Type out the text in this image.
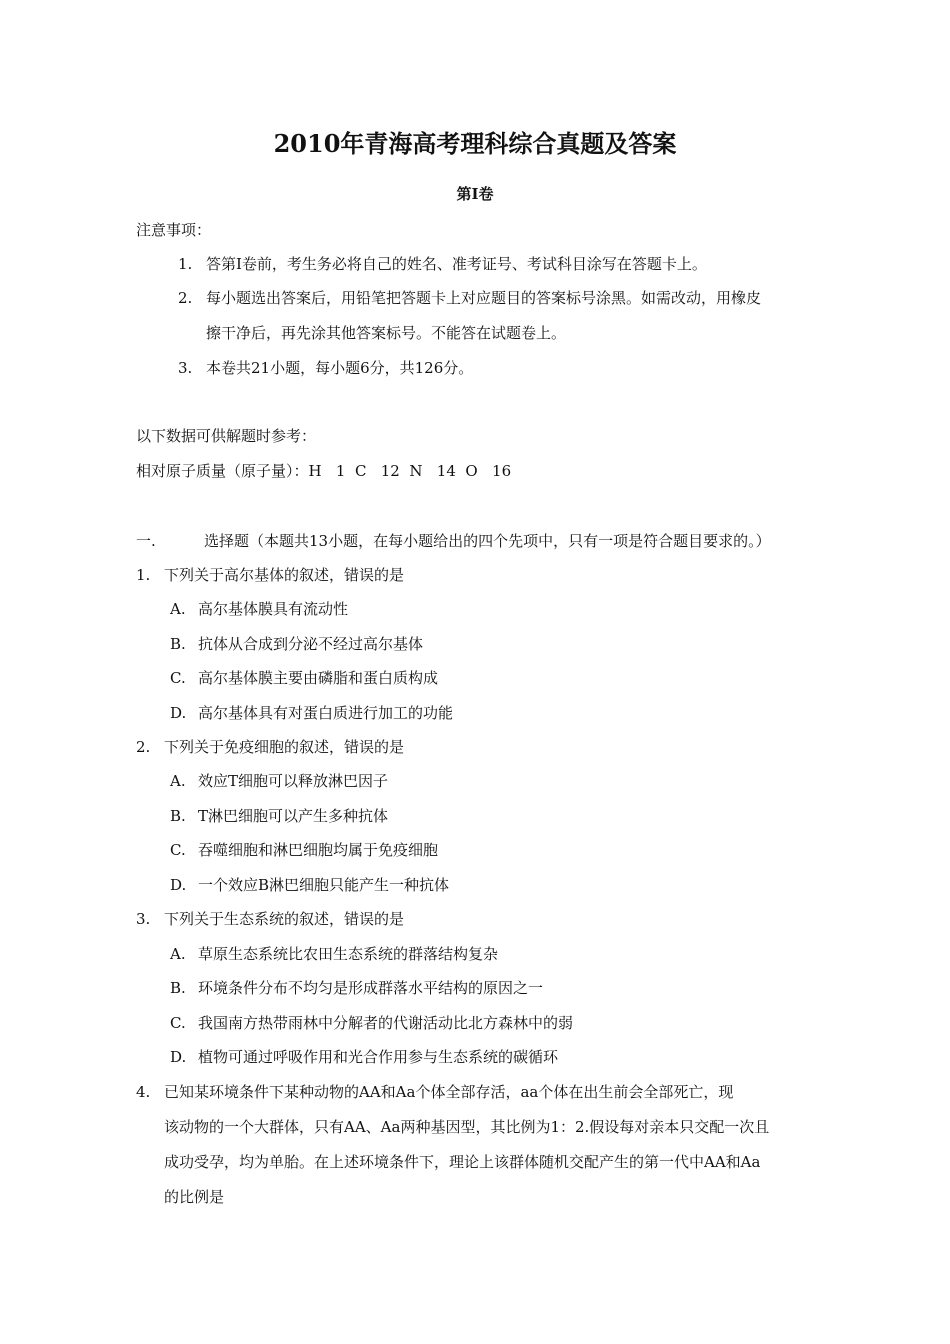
2010年青海高考理科综合真题及答案
第Ⅰ卷
注意事项：
1. 答第Ⅰ卷前，考生务必将自己的姓名、准考证号、考试科目涂写在答题卡上。
2. 每小题选出答案后，用铅笔把答题卡上对应题目的答案标号涂黑。如需改动，用橡皮
擦干净后，再先涂其他答案标号。不能答在试题卷上。
3. 本卷共21小题，每小题6分，共126分。
以下数据可供解题时参考：
相对原子质量（原子量）：H   1  C   12  N   14  O   16
一.	选择题（本题共13小题，在每小题给出的四个先项中，只有一项是符合题目要求的。）
1. 下列关于高尔基体的叙述，错误的是
A. 高尔基体膜具有流动性
B. 抗体从合成到分泌不经过高尔基体
C. 高尔基体膜主要由磷脂和蛋白质构成
D. 高尔基体具有对蛋白质进行加工的功能
2. 下列关于免疫细胞的叙述，错误的是
A. 效应T细胞可以释放淋巴因子
B. T淋巴细胞可以产生多种抗体
C. 吞噬细胞和淋巴细胞均属于免疫细胞
D. 一个效应B淋巴细胞只能产生一种抗体
3. 下列关于生态系统的叙述，错误的是
A. 草原生态系统比农田生态系统的群落结构复杂
B. 环境条件分布不均匀是形成群落水平结构的原因之一
C. 我国南方热带雨林中分解者的代谢活动比北方森林中的弱
D. 植物可通过呼吸作用和光合作用参与生态系统的碳循环
4. 已知某环境条件下某种动物的AA和Aa个体全部存活，aa个体在出生前会全部死亡，现
该动物的一个大群体，只有AA、Aa两种基因型，其比例为1：2.假设每对亲本只交配一次且
成功受孕，均为单胎。在上述环境条件下，理论上该群体随机交配产生的第一代中AA和Aa
的比例是
